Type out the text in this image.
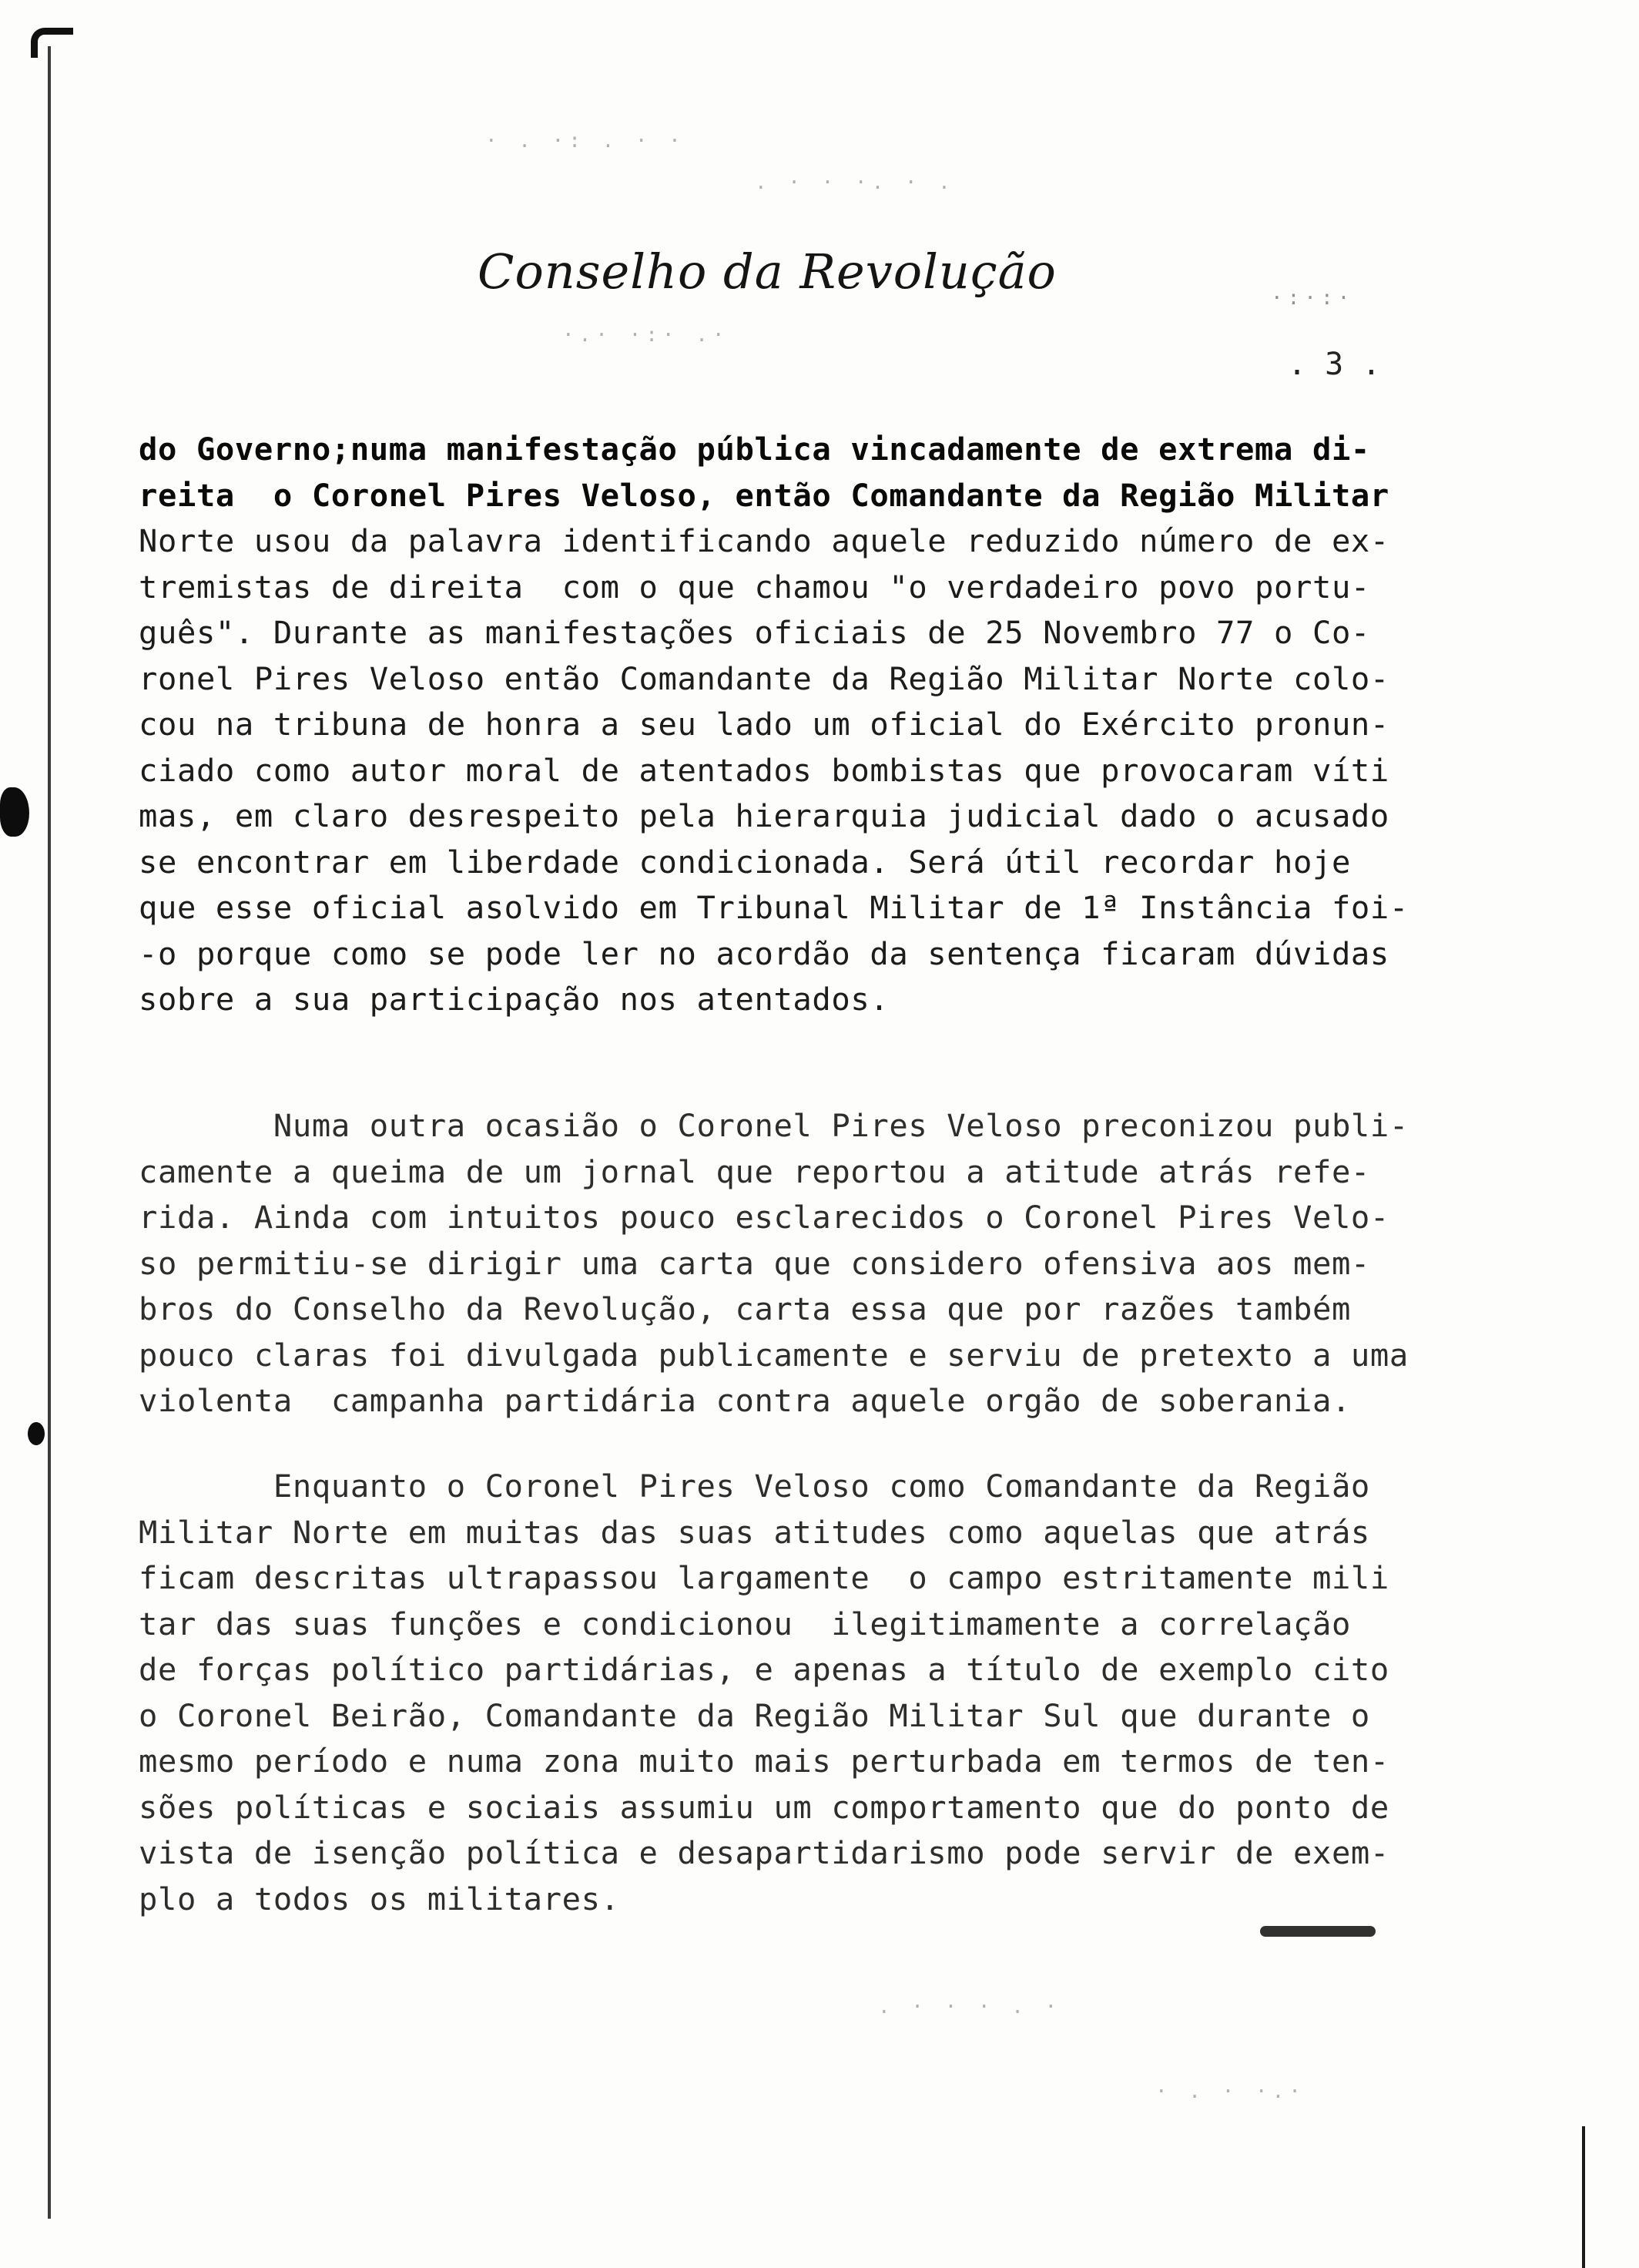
· . ·: . · ·
. · · ·. · .
·.· ·:· .·
·:·:·
. · · · . ·
· . · ·.·
Conselho da Revolução
. 3 .
do Governo;numa manifestação pública vincadamente de extrema di-
reita  o Coronel Pires Veloso, então Comandante da Região Militar
Norte usou da palavra identificando aquele reduzido número de ex-
tremistas de direita  com o que chamou "o verdadeiro povo portu-
guês". Durante as manifestações oficiais de 25 Novembro 77 o Co-
ronel Pires Veloso então Comandante da Região Militar Norte colo-
cou na tribuna de honra a seu lado um oficial do Exército pronun-
ciado como autor moral de atentados bombistas que provocaram víti
mas, em claro desrespeito pela hierarquia judicial dado o acusado
se encontrar em liberdade condicionada. Será útil recordar hoje
que esse oficial asolvido em Tribunal Militar de 1ª Instância foi-
-o porque como se pode ler no acordão da sentença ficaram dúvidas
sobre a sua participação nos atentados.
Numa outra ocasião o Coronel Pires Veloso preconizou publi-
camente a queima de um jornal que reportou a atitude atrás refe-
rida. Ainda com intuitos pouco esclarecidos o Coronel Pires Velo-
so permitiu-se dirigir uma carta que considero ofensiva aos mem-
bros do Conselho da Revolução, carta essa que por razões também
pouco claras foi divulgada publicamente e serviu de pretexto a uma
violenta  campanha partidária contra aquele orgão de soberania.
Enquanto o Coronel Pires Veloso como Comandante da Região
Militar Norte em muitas das suas atitudes como aquelas que atrás
ficam descritas ultrapassou largamente  o campo estritamente mili
tar das suas funções e condicionou  ilegitimamente a correlação
de forças político partidárias, e apenas a título de exemplo cito
o Coronel Beirão, Comandante da Região Militar Sul que durante o
mesmo período e numa zona muito mais perturbada em termos de ten-
sões políticas e sociais assumiu um comportamento que do ponto de
vista de isenção política e desapartidarismo pode servir de exem-
plo a todos os militares.
